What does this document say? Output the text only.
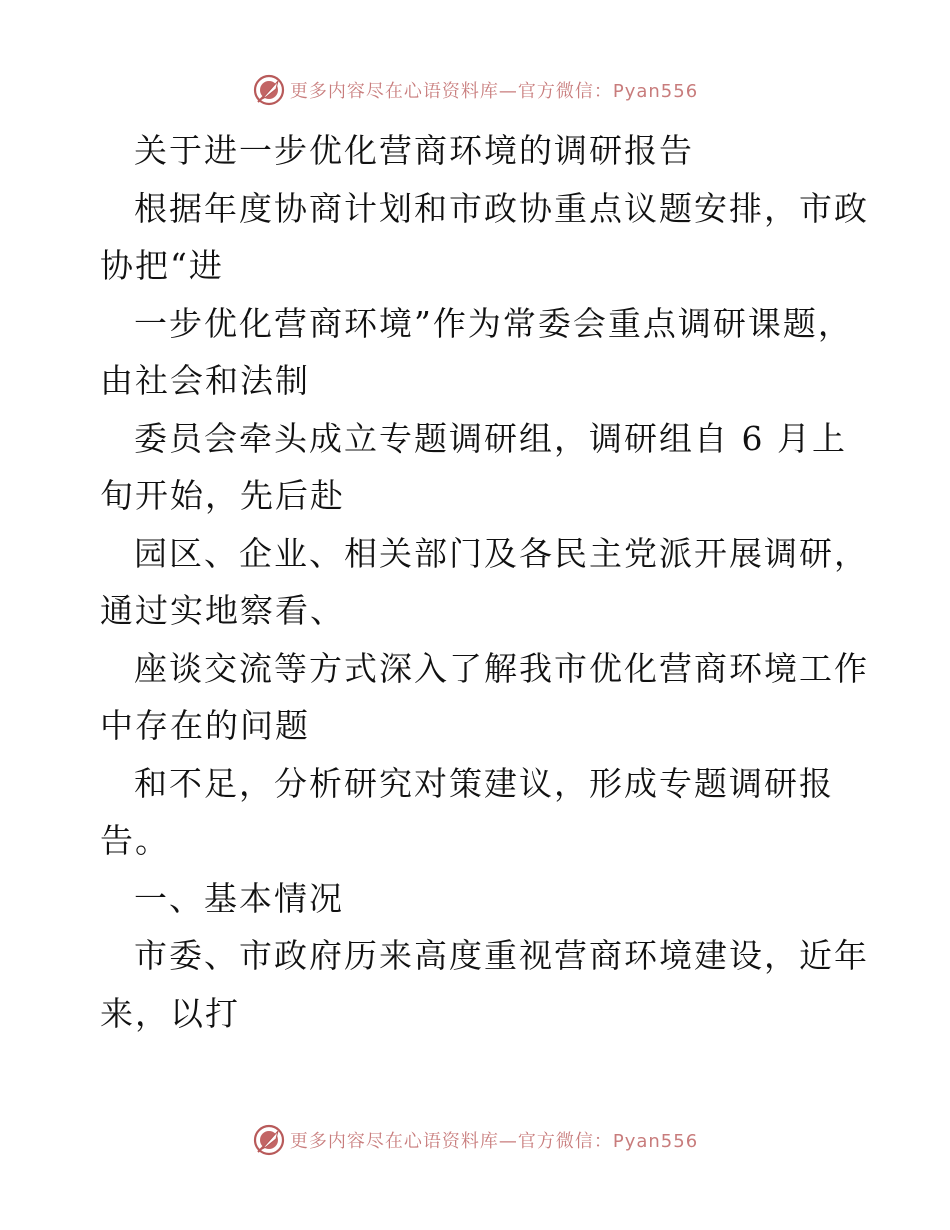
更多内容尽在心语资料库—官方微信：Pyan556
关于进一步优化营商环境的调研报告
根据年度协商计划和市政协重点议题安排，市政
协把“进
一步优化营商环境”作为常委会重点调研课题，
由社会和法制
委员会牵头成立专题调研组，调研组自 6 月上
旬开始，先后赴
园区、企业、相关部门及各民主党派开展调研，
通过实地察看、
座谈交流等方式深入了解我市优化营商环境工作
中存在的问题
和不足，分析研究对策建议，形成专题调研报
告。
一、基本情况
市委、市政府历来高度重视营商环境建设，近年
来，以打
更多内容尽在心语资料库—官方微信：Pyan556
